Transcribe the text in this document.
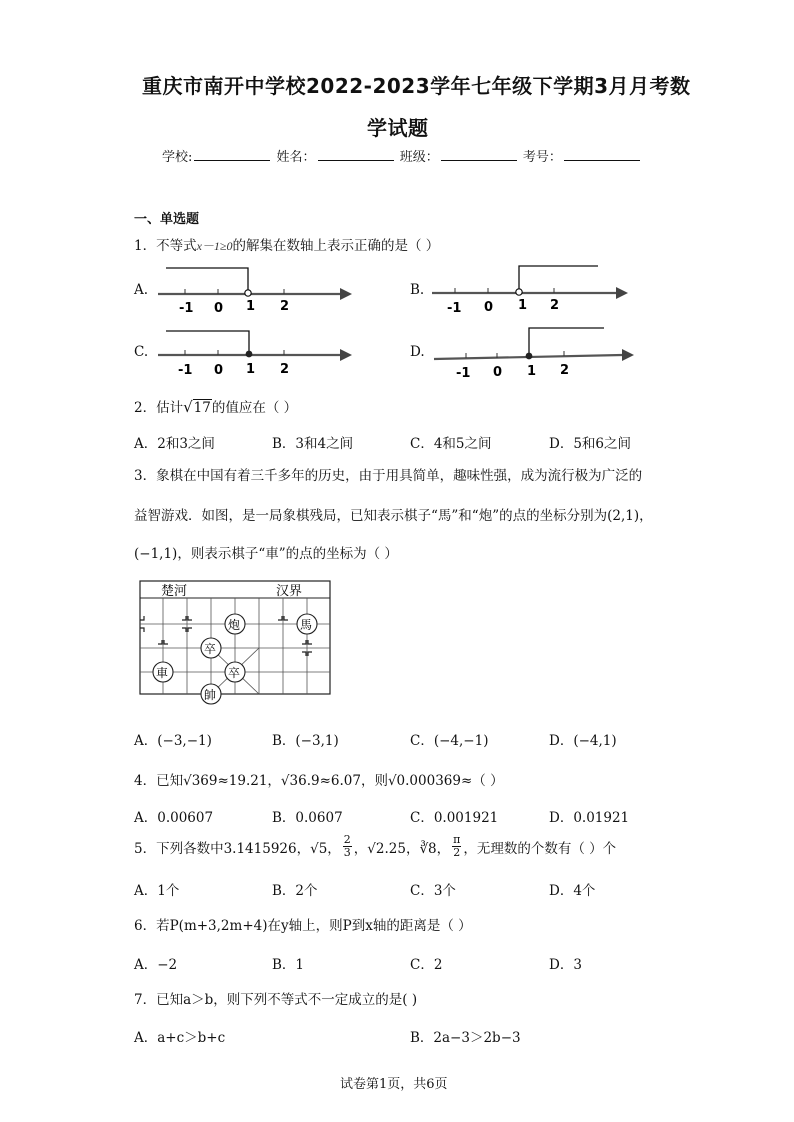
重庆市南开中学校2022-2023学年七年级下学期3月月考数
学试题
学校:	姓名：	班级：	考号：
一、单选题
1．不等式x－1≥0的解集在数轴上表示正确的是（ ）
A.
-1 0 1 2
B.
-1 0 1 2
C.
-1 0 1 2
D.
-1 0 1 2
2．估计√17的值应在（ ）
A．2和3之间	B．3和4之间	C．4和5之间	D．5和6之间
3．象棋在中国有着三千多年的历史，由于用具简单，趣味性强，成为流行极为广泛的
益智游戏．如图，是一局象棋残局，已知表示棋子“馬”和“炮”的点的坐标分别为(2,1)，
(−1,1)，则表示棋子“車”的点的坐标为（ ）
楚河	汉界
炮	馬
卒
車	卒
帥
A．(−3,−1)	B．(−3,1)	C．(−4,−1)	D．(−4,1)
4．已知√369≈19.21，√36.9≈6.07，则√0.000369≈（ ）
A．0.00607	B．0.0607	C．0.001921	D．0.01921
5．下列各数中3.1415926，√5， $\frac{2}{3}$ ，√2.25，∛8， $\frac{\pi}{2}$ ，无理数的个数有（ ）个
A．1个	B．2个	C．3个	D．4个
6．若P(m+3,2m+4)在y轴上，则P到x轴的距离是（ ）
A．−2	B．1	C．2	D．3
7．已知a＞b，则下列不等式不一定成立的是( )
A．a+c＞b+c	B．2a−3＞2b−3
试卷第1页，共6页
